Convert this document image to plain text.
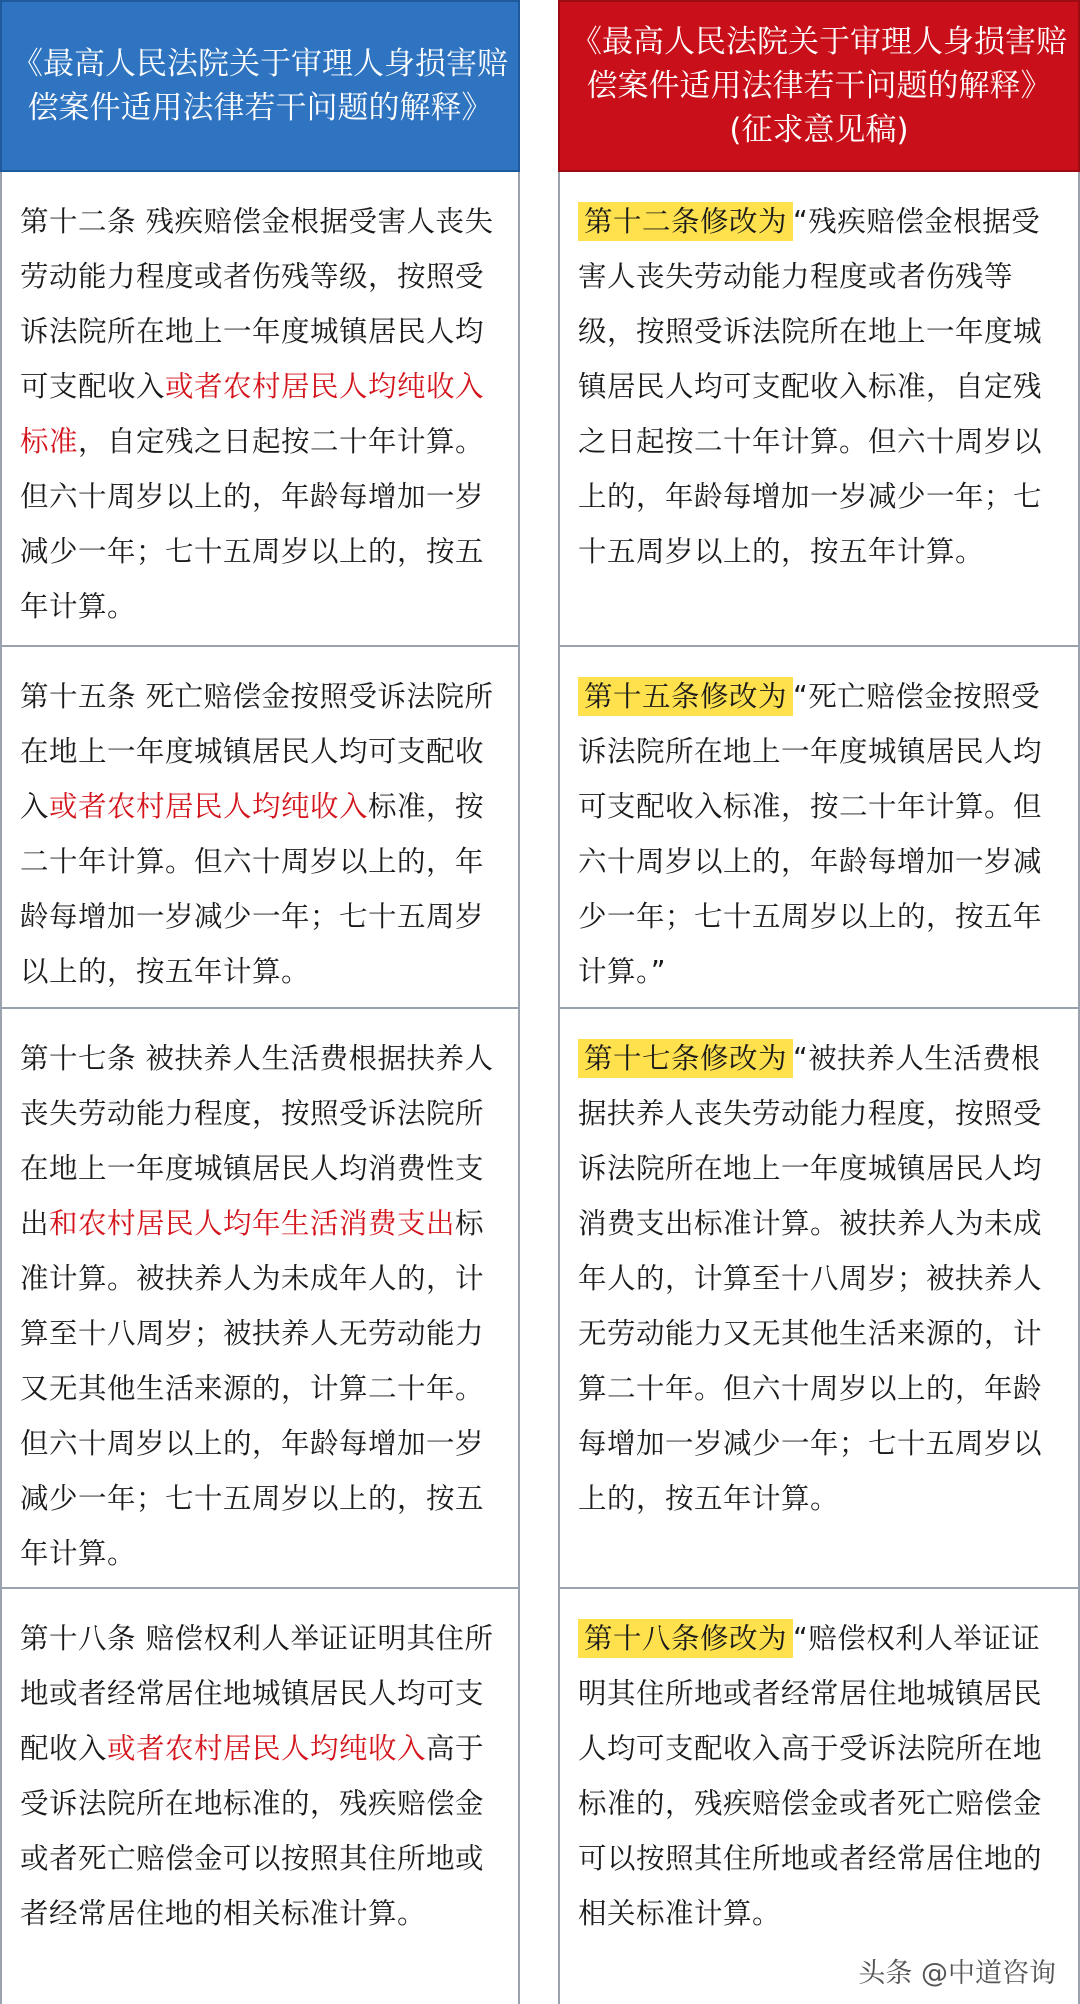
《最高人民法院关于审理人身损害赔偿案件适用法律若干问题的解释》
第十二条 残疾赔偿金根据受害人丧失劳动能力程度或者伤残等级，按照受诉法院所在地上一年度城镇居民人均可支配收入或者农村居民人均纯收入标准，自定残之日起按二十年计算。但六十周岁以上的，年龄每增加一岁减少一年；七十五周岁以上的，按五年计算。
第十五条 死亡赔偿金按照受诉法院所在地上一年度城镇居民人均可支配收入或者农村居民人均纯收入标准，按二十年计算。但六十周岁以上的，年龄每增加一岁减少一年；七十五周岁以上的，按五年计算。
第十七条 被扶养人生活费根据扶养人丧失劳动能力程度，按照受诉法院所在地上一年度城镇居民人均消费性支出和农村居民人均年生活消费支出标准计算。被扶养人为未成年人的，计算至十八周岁；被扶养人无劳动能力又无其他生活来源的，计算二十年。但六十周岁以上的，年龄每增加一岁减少一年；七十五周岁以上的，按五年计算。
第十八条 赔偿权利人举证证明其住所地或者经常居住地城镇居民人均可支配收入或者农村居民人均纯收入高于受诉法院所在地标准的，残疾赔偿金或者死亡赔偿金可以按照其住所地或者经常居住地的相关标准计算。
《最高人民法院关于审理人身损害赔偿案件适用法律若干问题的解释》
(征求意见稿)
第十二条修改为 “残疾赔偿金根据受害人丧失劳动能力程度或者伤残等级，按照受诉法院所在地上一年度城镇居民人均可支配收入标准，自定残之日起按二十年计算。但六十周岁以上的，年龄每增加一岁减少一年；七十五周岁以上的，按五年计算。
第十五条修改为 “死亡赔偿金按照受诉法院所在地上一年度城镇居民人均可支配收入标准，按二十年计算。但六十周岁以上的，年龄每增加一岁减少一年；七十五周岁以上的，按五年计算。”
第十七条修改为 “被扶养人生活费根据扶养人丧失劳动能力程度，按照受诉法院所在地上一年度城镇居民人均消费支出标准计算。被扶养人为未成年人的，计算至十八周岁；被扶养人无劳动能力又无其他生活来源的，计算二十年。但六十周岁以上的，年龄每增加一岁减少一年；七十五周岁以上的，按五年计算。
第十八条修改为 “赔偿权利人举证证明其住所地或者经常居住地城镇居民人均可支配收入高于受诉法院所在地标准的，残疾赔偿金或者死亡赔偿金可以按照其住所地或者经常居住地的相关标准计算。
头条 @中道咨询
